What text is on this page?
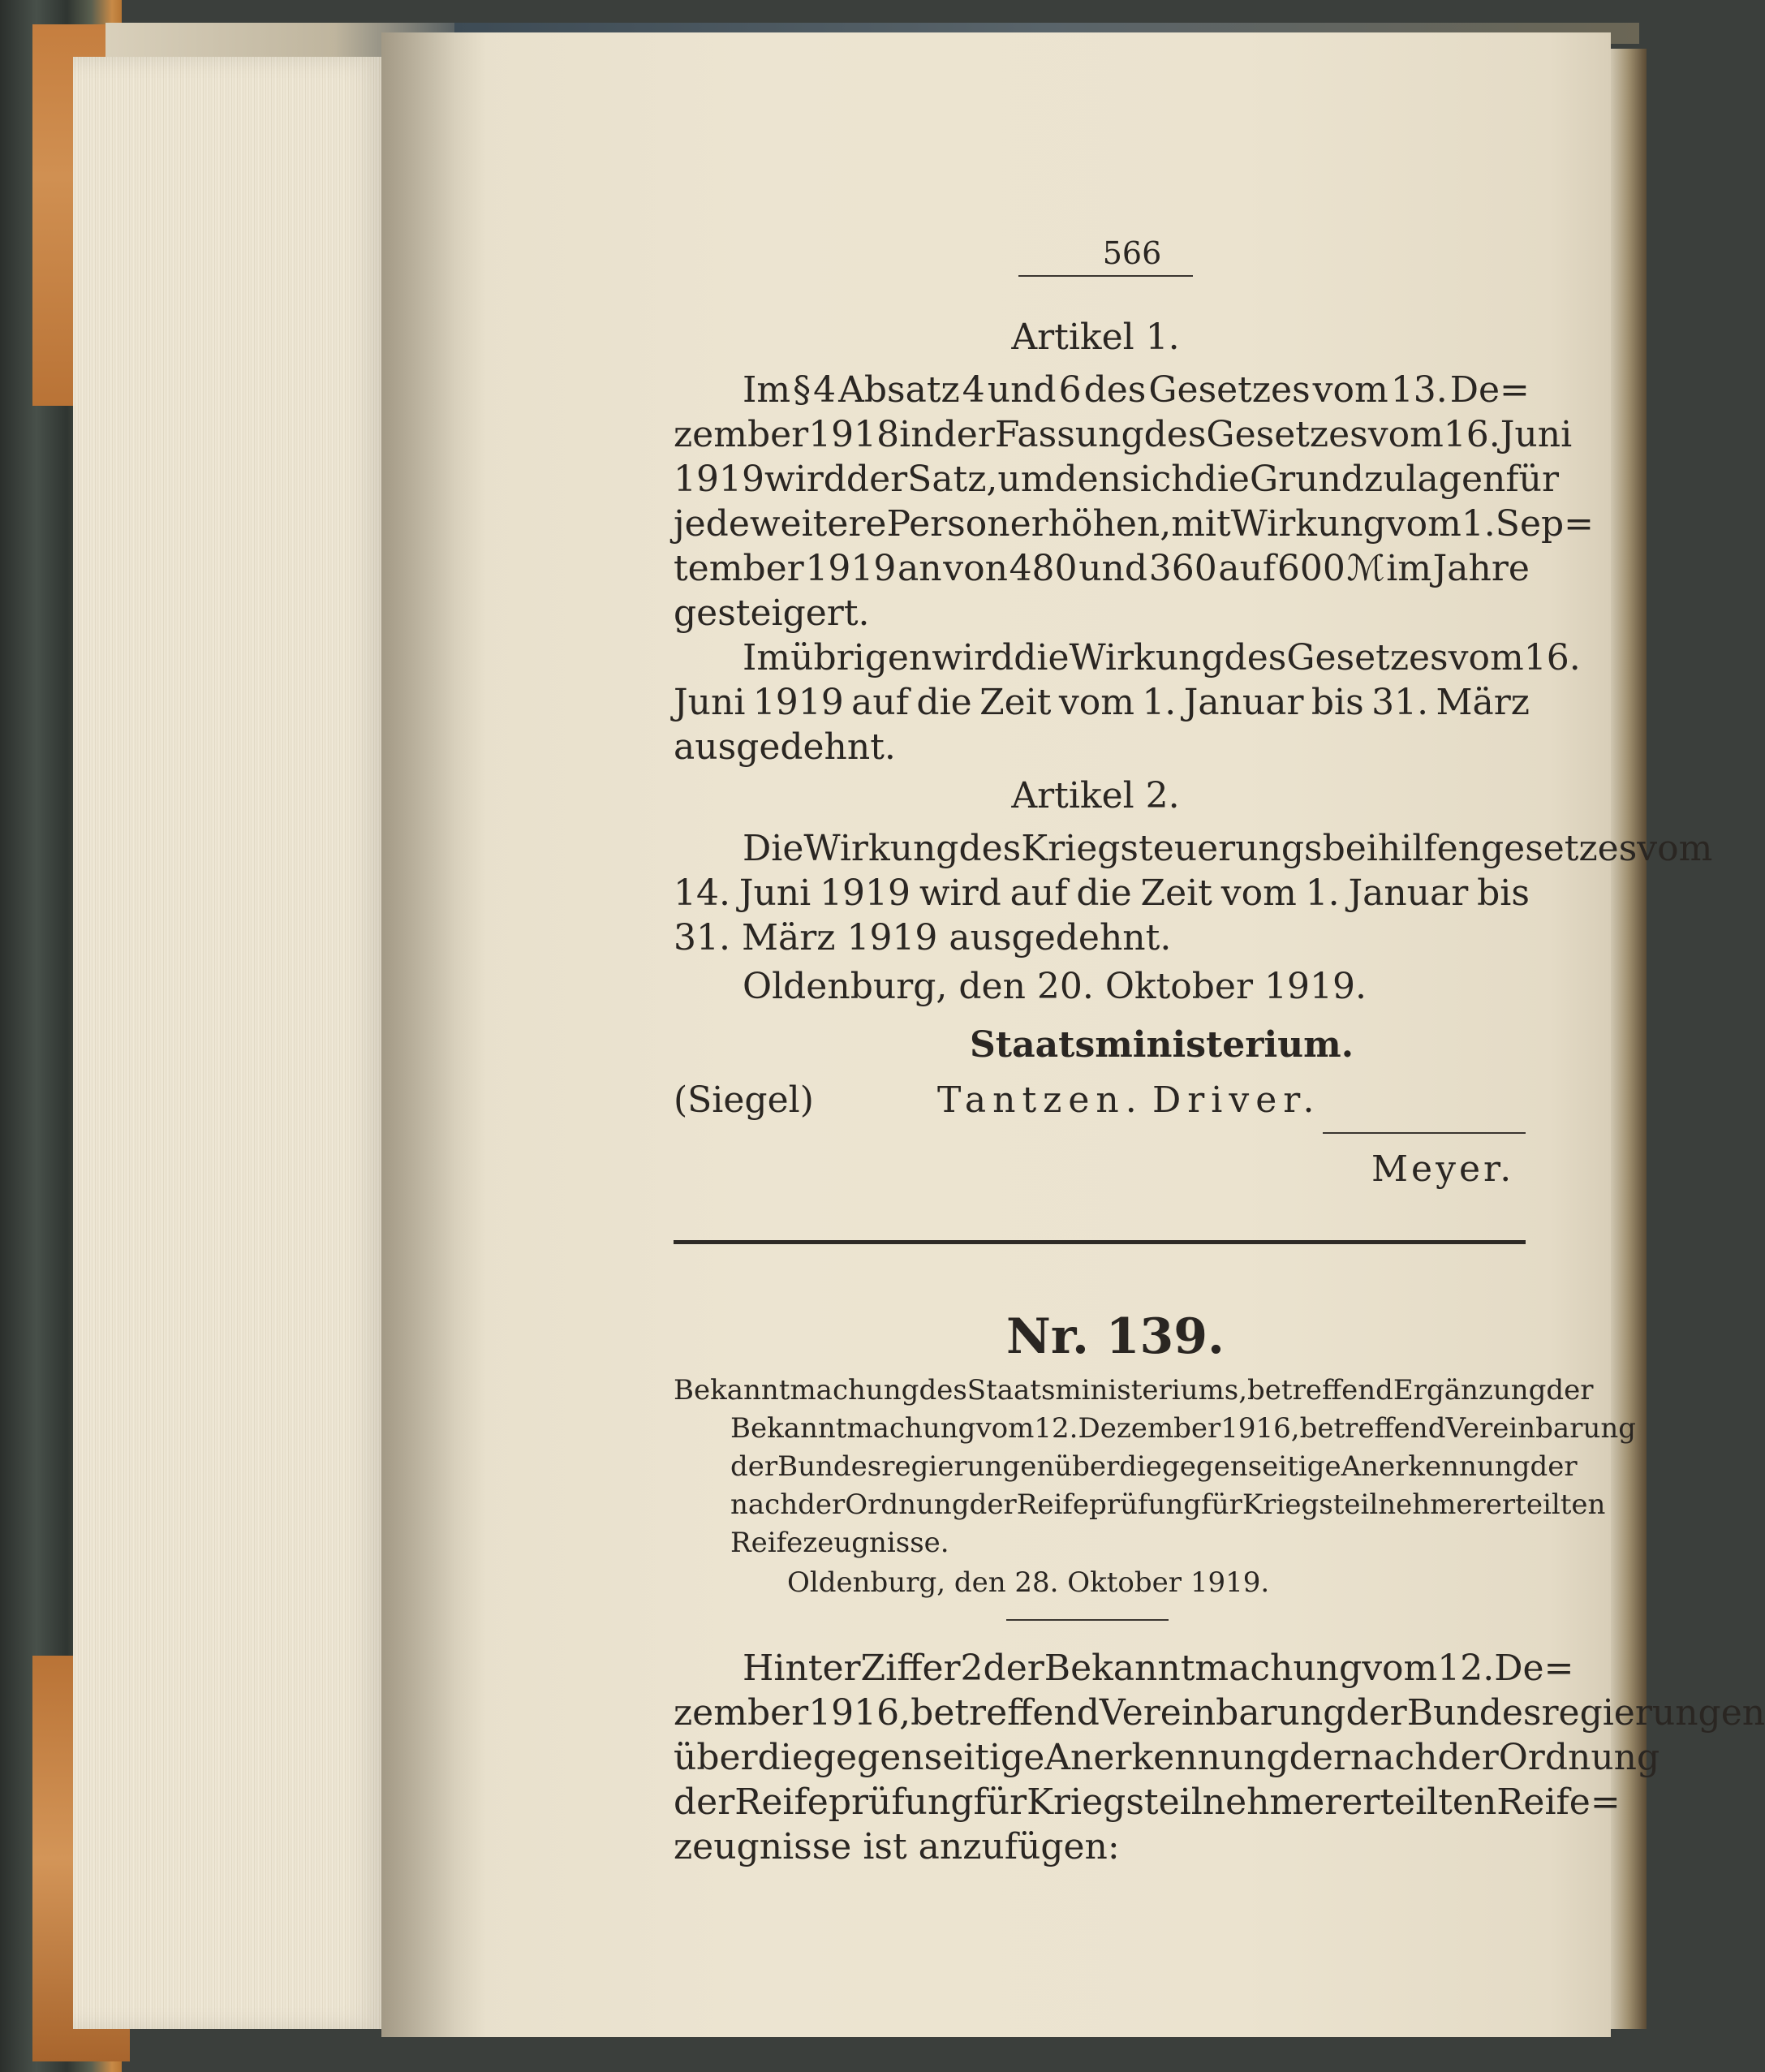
566
Artikel 1.
Im § 4 Absatz 4 und 6 des Gesetzes vom 13. De=
zember 1918 in der Fassung des Gesetzes vom 16. Juni
1919 wird der Satz, um den sich die Grundzulagen für
jede weitere Person erhöhen, mit Wirkung vom 1. Sep=
tember 1919 an von 480 und 360 auf 600 ℳ im Jahre
gesteigert.
Im übrigen wird die Wirkung des Gesetzes vom 16.
Juni 1919 auf die Zeit vom 1. Januar bis 31. März
ausgedehnt.
Artikel 2.
Die Wirkung des Kriegsteuerungsbeihilfengesetzes vom
14. Juni 1919 wird auf die Zeit vom 1. Januar bis
31. März 1919 ausgedehnt.
Oldenburg, den 20. Oktober 1919.
Staatsministerium.
(Siegel)	Tantzen. Driver.
Meyer.
Nr. 139.
Bekanntmachung des Staatsministeriums, betreffend Ergänzung der
Bekanntmachung vom 12. Dezember 1916, betreffend Vereinbarung
der Bundesregierungen über die gegenseitige Anerkennung der
nach der Ordnung der Reifeprüfung für Kriegsteilnehmer erteilten
Reifezeugnisse.
Oldenburg, den 28. Oktober 1919.
Hinter Ziffer 2 der Bekanntmachung vom 12. De=
zember 1916, betreffend Vereinbarung der Bundesregierungen
über die gegenseitige Anerkennung der nach der Ordnung
der Reifeprüfung für Kriegsteilnehmer erteilten Reife=
zeugnisse ist anzufügen:
